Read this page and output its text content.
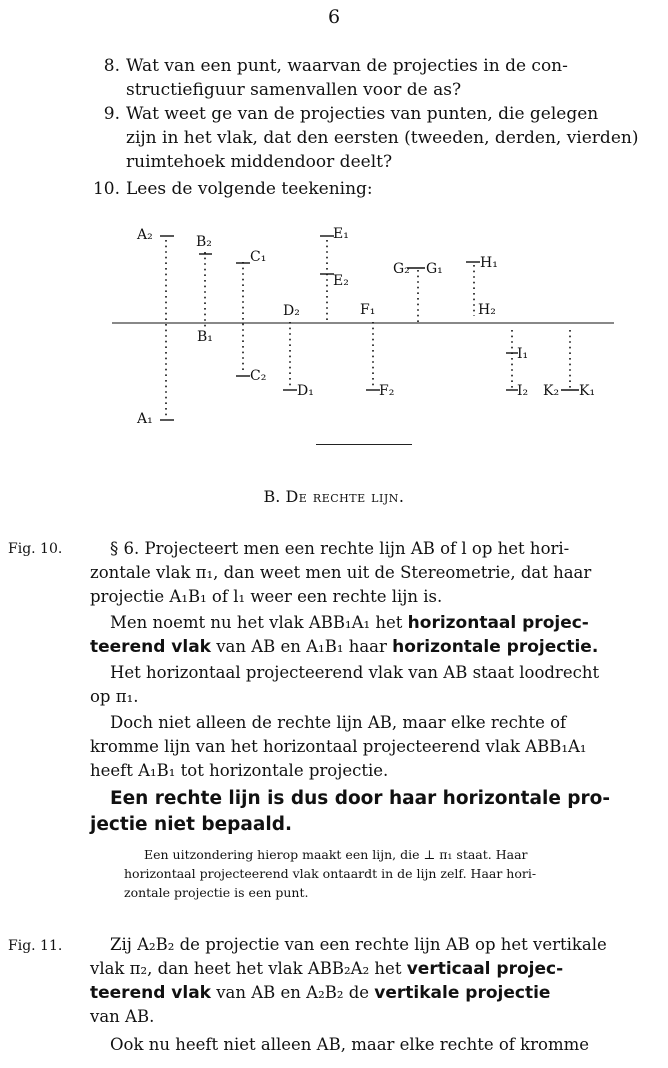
6
8. Wat van een punt, waarvan de projecties in de con-
structiefiguur samenvallen voor de as?
9. Wat weet ge van de projecties van punten, die gelegen
zijn in het vlak, dat den eersten (tweeden, derden, vierden)
ruimtehoek middendoor deelt?
10. Lees de volgende teekening:
A₂	B₂
C₁
D₂
E₁
E₂
F₁
G₂ G₁	H₁
H₂
B₁
C₂
D₁	F₂
I₁
I₂ K₂ K₁
A₁
B. De rechte lijn.
Fig. 10.	§ 6. Projecteert men een rechte lijn AB of l op het hori-
zontale vlak π₁, dan weet men uit de Stereometrie, dat haar
projectie A₁B₁ of l₁ weer een rechte lijn is.
Men noemt nu het vlak ABB₁A₁ het horizontaal projec-
teerend vlak van AB en A₁B₁ haar horizontale projectie.
Het horizontaal projecteerend vlak van AB staat loodrecht
op π₁.
Doch niet alleen de rechte lijn AB, maar elke rechte of
kromme lijn van het horizontaal projecteerend vlak ABB₁A₁
heeft A₁B₁ tot horizontale projectie.
Een rechte lijn is dus door haar horizontale pro-
jectie niet bepaald.
Een uitzondering hierop maakt een lijn, die ⊥ π₁ staat. Haar
horizontaal projecteerend vlak ontaardt in de lijn zelf. Haar hori-
zontale projectie is een punt.
Fig. 11.	Zij A₂B₂ de projectie van een rechte lijn AB op het vertikale
vlak π₂, dan heet het vlak ABB₂A₂ het verticaal projec-
teerend vlak van AB en A₂B₂ de vertikale projectie
van AB.
Ook nu heeft niet alleen AB, maar elke rechte of kromme
